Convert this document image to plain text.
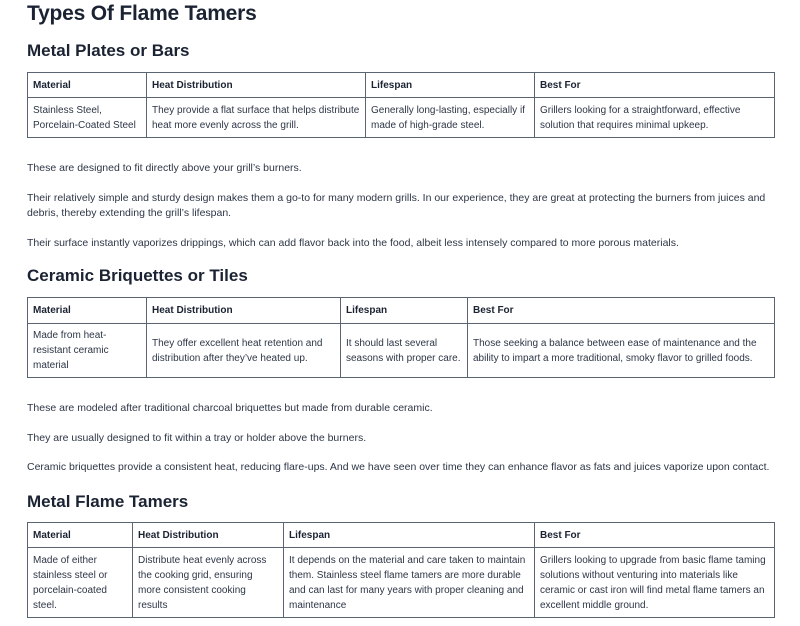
Types Of Flame Tamers
Metal Plates or Bars
Material	Heat Distribution	Lifespan	Best For
Stainless Steel, Porcelain-Coated Steel	They provide a flat surface that helps distribute heat more evenly across the grill.	Generally long-lasting, especially if made of high-grade steel.	Grillers looking for a straightforward, effective solution that requires minimal upkeep.

These are designed to fit directly above your grill’s burners.

Their relatively simple and sturdy design makes them a go-to for many modern grills. In our experience, they are great at protecting the burners from juices and debris, thereby extending the grill’s lifespan.

Their surface instantly vaporizes drippings, which can add flavor back into the food, albeit less intensely compared to more porous materials.

Ceramic Briquettes or Tiles
Material	Heat Distribution	Lifespan	Best For
Made from heat-resistant ceramic material	They offer excellent heat retention and distribution after they’ve heated up.	It should last several seasons with proper care.	Those seeking a balance between ease of maintenance and the ability to impart a more traditional, smoky flavor to grilled foods.

These are modeled after traditional charcoal briquettes but made from durable ceramic.

They are usually designed to fit within a tray or holder above the burners.

Ceramic briquettes provide a consistent heat, reducing flare-ups. And we have seen over time they can enhance flavor as fats and juices vaporize upon contact.

Metal Flame Tamers
Material	Heat Distribution	Lifespan	Best For
Made of either stainless steel or porcelain-coated steel.	Distribute heat evenly across the cooking grid, ensuring more consistent cooking results	It depends on the material and care taken to maintain them. Stainless steel flame tamers are more durable and can last for many years with proper cleaning and maintenance	Grillers looking to upgrade from basic flame taming solutions without venturing into materials like ceramic or cast iron will find metal flame tamers an excellent middle ground.
